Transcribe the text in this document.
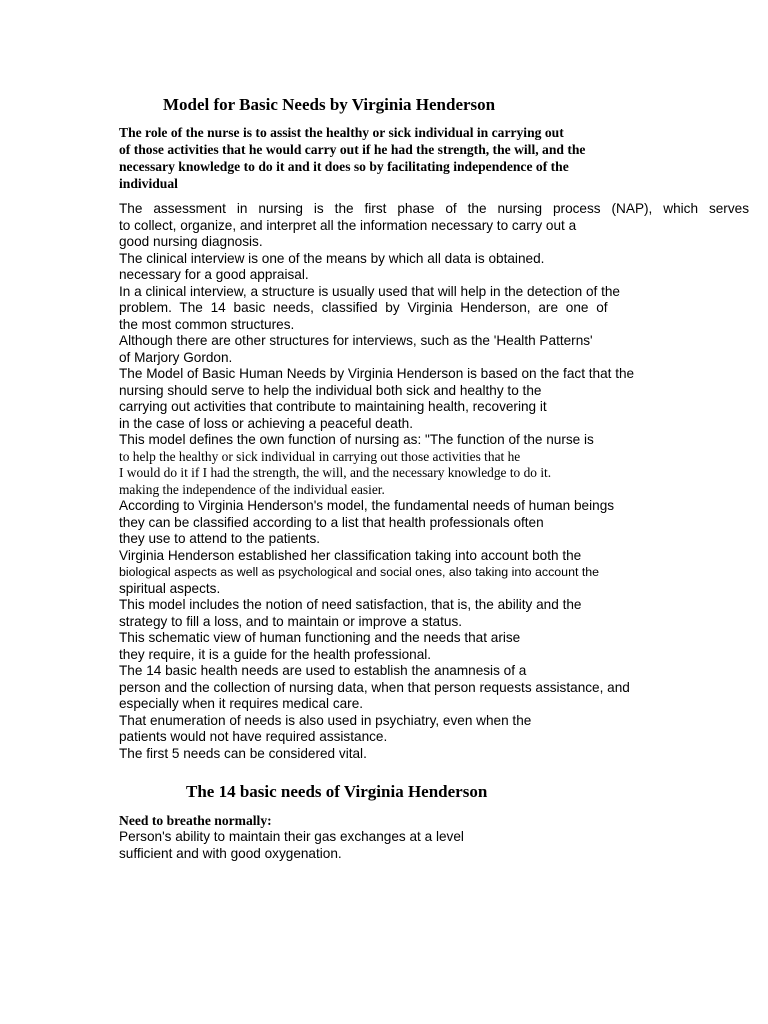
Model for Basic Needs by Virginia Henderson
The role of the nurse is to assist the healthy or sick individual in carrying out
of those activities that he would carry out if he had the strength, the will, and the
necessary knowledge to do it and it does so by facilitating independence of the
individual
The assessment in nursing is the first phase of the nursing process (NAP), which serves
to collect, organize, and interpret all the information necessary to carry out a
good nursing diagnosis.
The clinical interview is one of the means by which all data is obtained.
necessary for a good appraisal.
In a clinical interview, a structure is usually used that will help in the detection of the
problem. The 14 basic needs, classified by Virginia Henderson, are one of
the most common structures.
Although there are other structures for interviews, such as the 'Health Patterns'
of Marjory Gordon.
The Model of Basic Human Needs by Virginia Henderson is based on the fact that the
nursing should serve to help the individual both sick and healthy to the
carrying out activities that contribute to maintaining health, recovering it
in the case of loss or achieving a peaceful death.
This model defines the own function of nursing as: "The function of the nurse is
to help the healthy or sick individual in carrying out those activities that he
I would do it if I had the strength, the will, and the necessary knowledge to do it.
making the independence of the individual easier.
According to Virginia Henderson's model, the fundamental needs of human beings
they can be classified according to a list that health professionals often
they use to attend to the patients.
Virginia Henderson established her classification taking into account both the
biological aspects as well as psychological and social ones, also taking into account the
spiritual aspects.
This model includes the notion of need satisfaction, that is, the ability and the
strategy to fill a loss, and to maintain or improve a status.
This schematic view of human functioning and the needs that arise
they require, it is a guide for the health professional.
The 14 basic health needs are used to establish the anamnesis of a
person and the collection of nursing data, when that person requests assistance, and
especially when it requires medical care.
That enumeration of needs is also used in psychiatry, even when the
patients would not have required assistance.
The first 5 needs can be considered vital.
The 14 basic needs of Virginia Henderson
Need to breathe normally:
Person's ability to maintain their gas exchanges at a level
sufficient and with good oxygenation.
